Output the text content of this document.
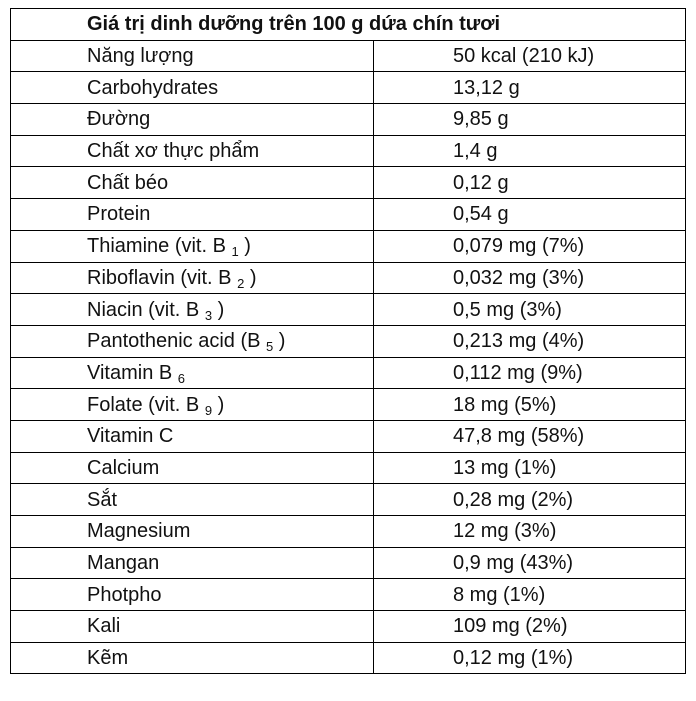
Giá trị dinh dưỡng trên 100 g dứa chín tươi	
Năng lượng	50 kcal (210 kJ)
Carbohydrates	13,12 g
Đường	9,85 g
Chất xơ thực phẩm	1,4 g
Chất béo	0,12 g
Protein	0,54 g
Thiamine (vit. B $_1$ )	0,079 mg (7%)
Riboflavin (vit. B $_2$ )	0,032 mg (3%)
Niacin (vit. B $_3$ )	0,5 mg (3%)
Pantothenic acid (B $_5$ )	0,213 mg (4%)
Vitamin B $_6$	0,112 mg (9%)
Folate (vit. B $_9$ )	18 mg (5%)
Vitamin C	47,8 mg (58%)
Calcium	13 mg (1%)
Sắt	0,28 mg (2%)
Magnesium	12 mg (3%)
Mangan	0,9 mg (43%)
Photpho	8 mg (1%)
Kali	109 mg (2%)
Kẽm	0,12 mg (1%)
